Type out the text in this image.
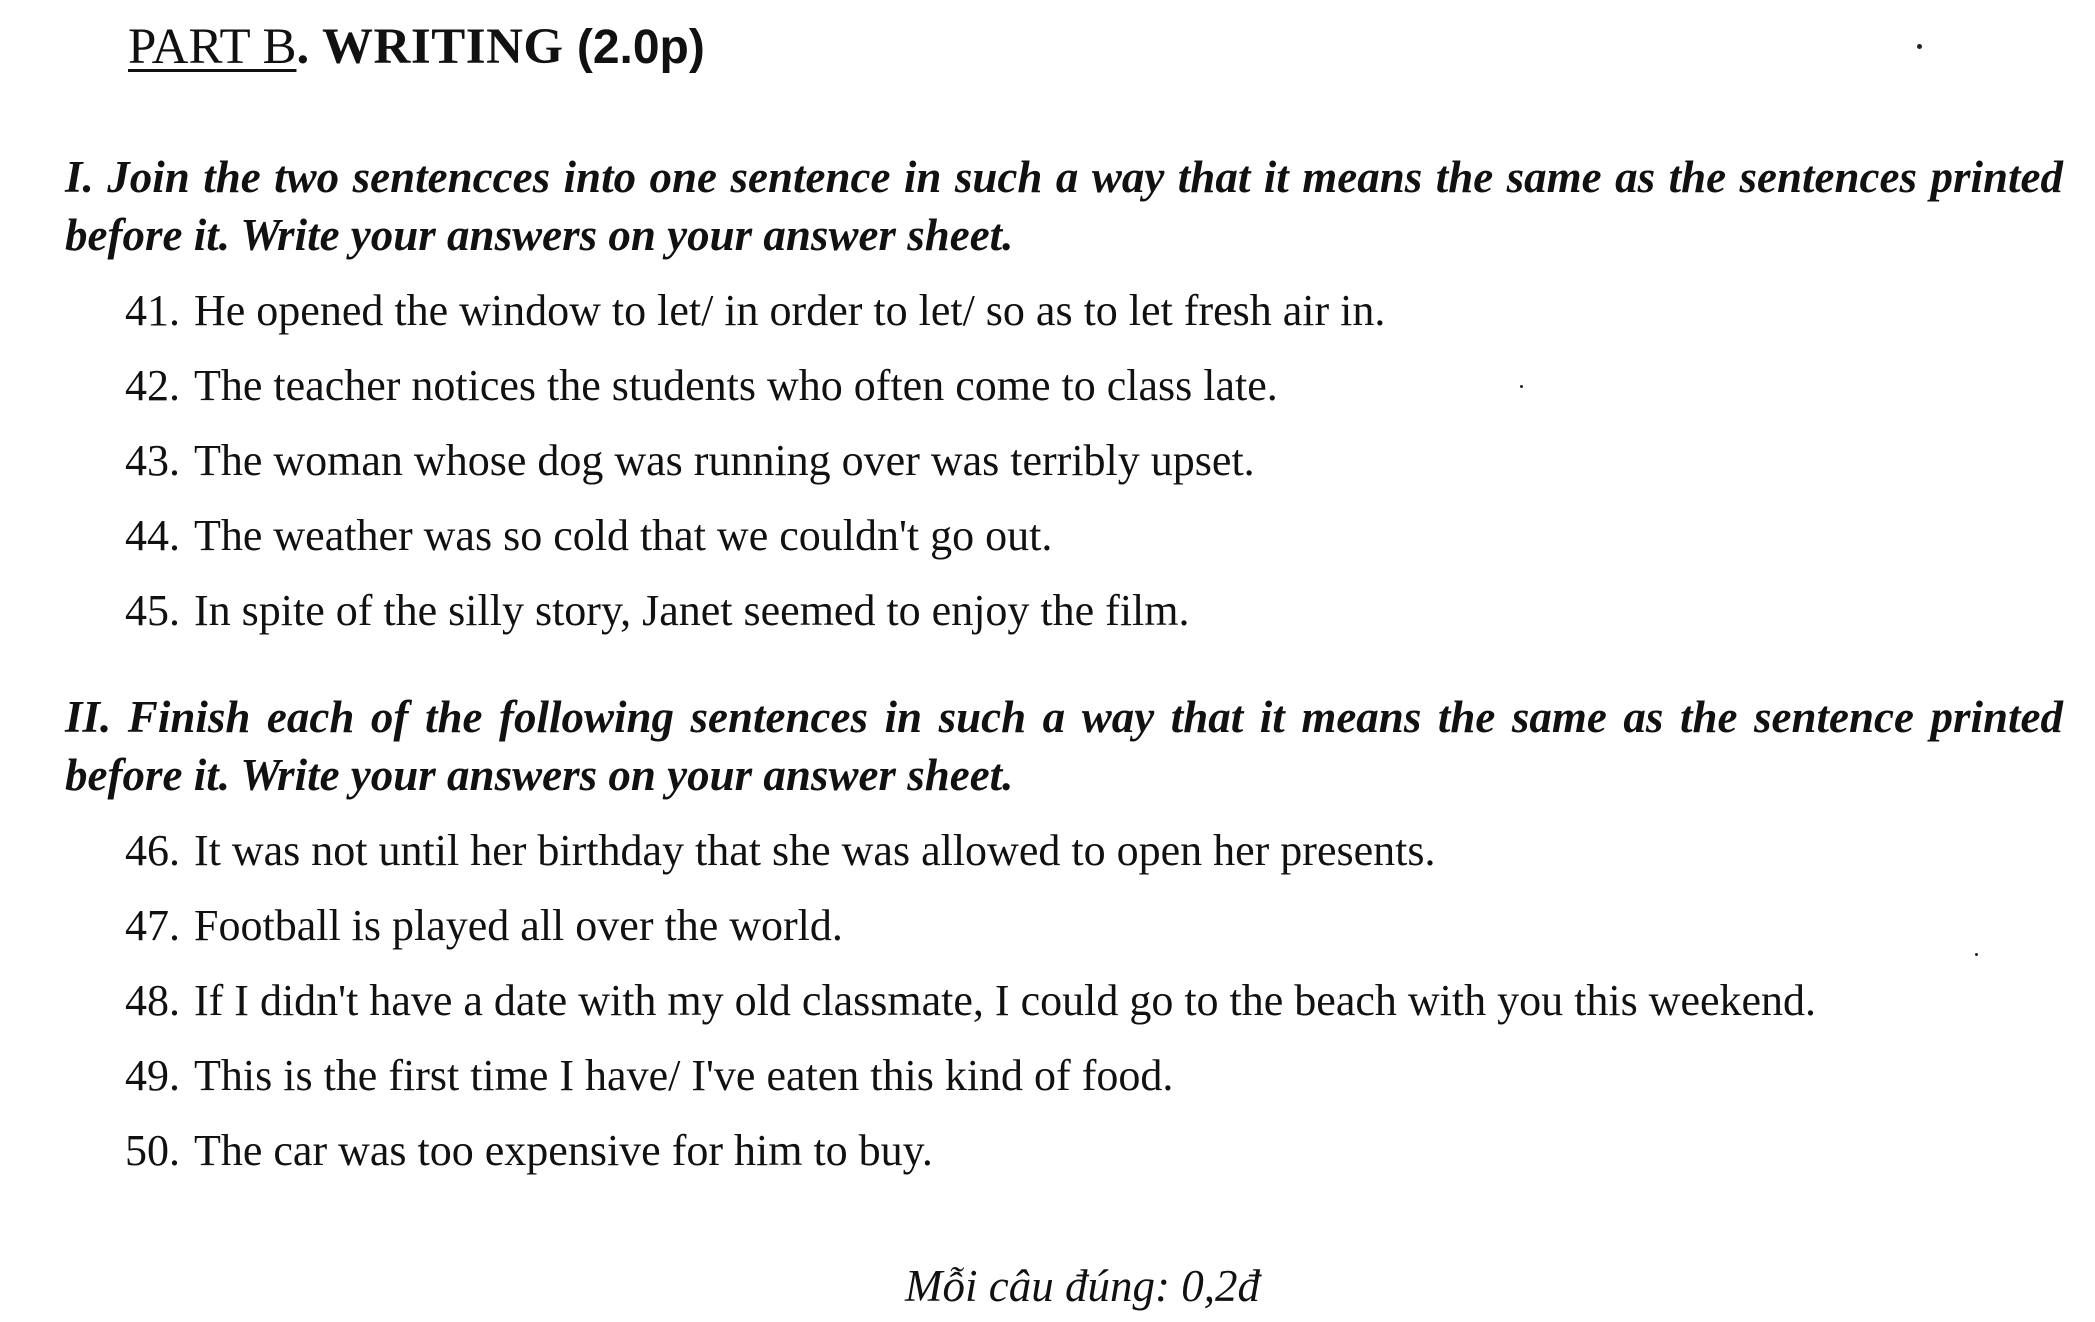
PART B. WRITING (2.0p)
I. Join the two sentencces into one sentence in such a way that it means the same as the sentences printed before it. Write your answers on your answer sheet.
41. He opened the window to let/ in order to let/ so as to let fresh air in.
42. The teacher notices the students who often come to class late.
43. The woman whose dog was running over was terribly upset.
44. The weather was so cold that we couldn't go out.
45. In spite of the silly story, Janet seemed to enjoy the film.
II. Finish each of the following sentences in such a way that it means the same as the sentence printed before it. Write your answers on your answer sheet.
46. It was not until her birthday that she was allowed to open her presents.
47. Football is played all over the world.
48. If I didn't have a date with my old classmate, I could go to the beach with you this weekend.
49. This is the first time I have/ I've eaten this kind of food.
50. The car was too expensive for him to buy.
Mỗi câu đúng: 0,2đ
